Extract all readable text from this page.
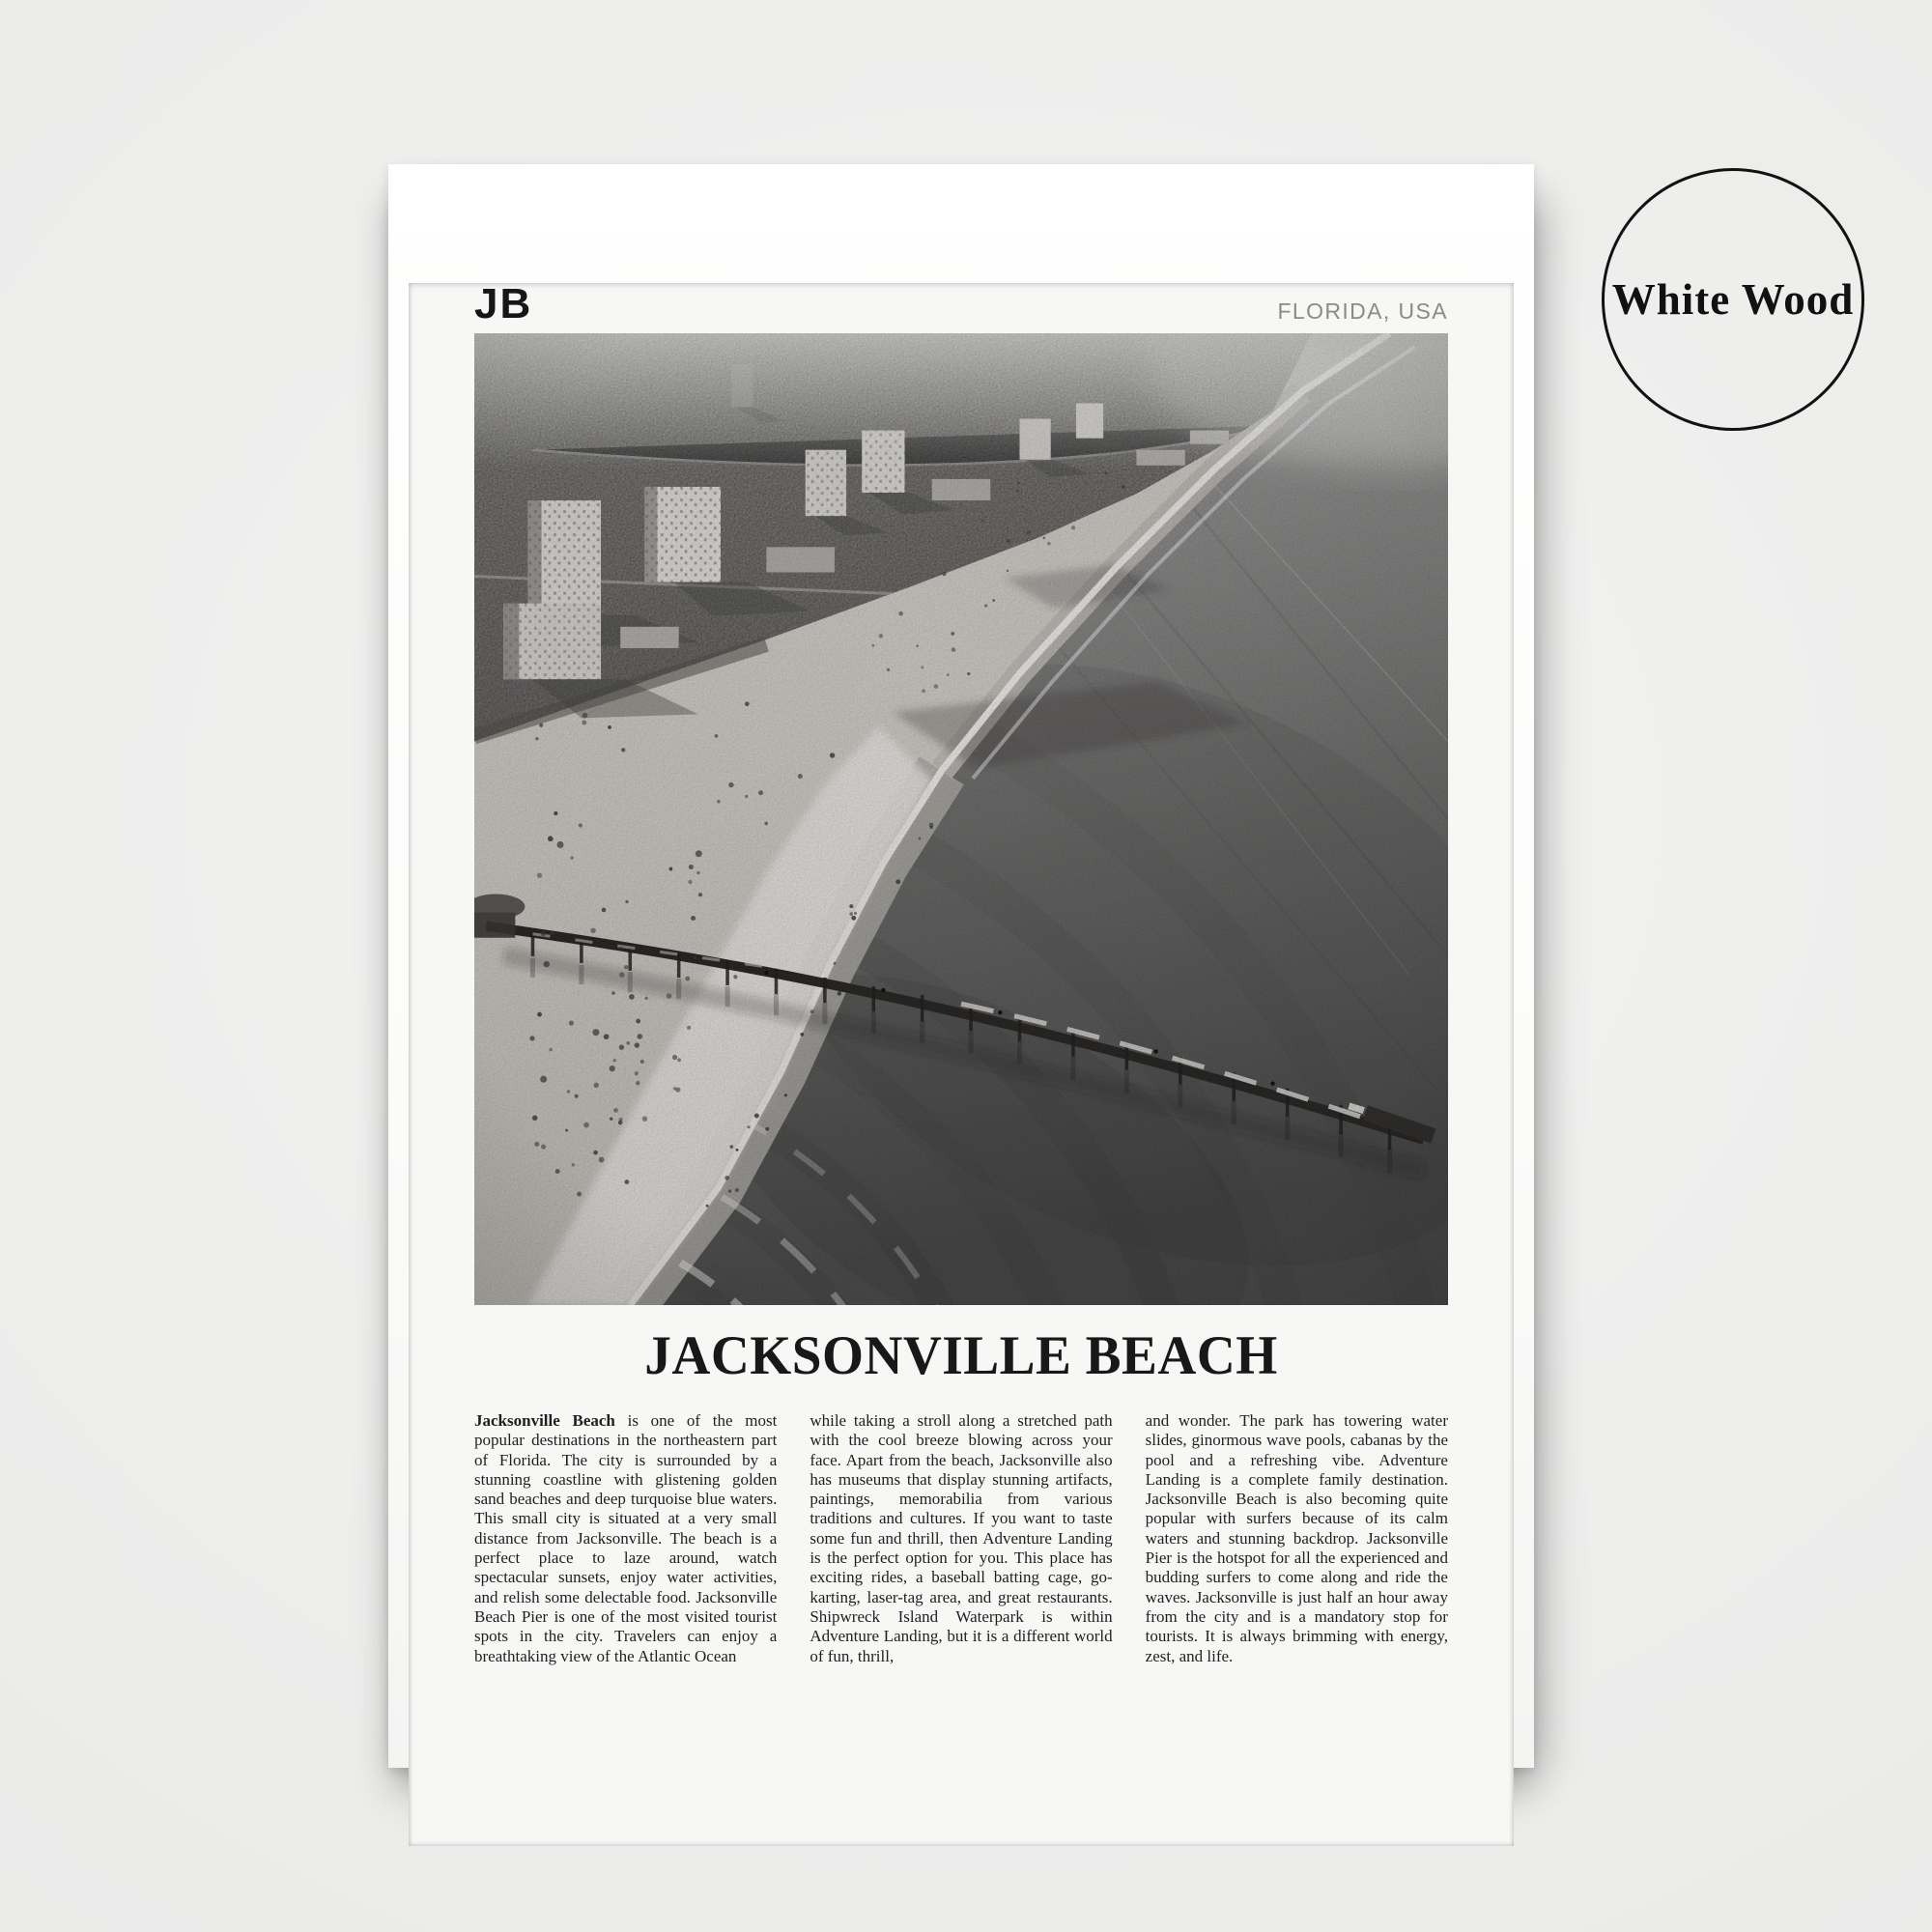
JB	FLORIDA, USA
JACKSONVILLE BEACH

Jacksonville Beach is one of the most popular destinations in the northeastern part of Florida. The city is surrounded by a stunning coastline with glistening golden sand beaches and deep turquoise blue waters. This small city is situated at a very small distance from Jacksonville. The beach is a perfect place to laze around, watch spectacular sunsets, enjoy water activities, and relish some delectable food. Jacksonville Beach Pier is one of the most visited tourist spots in the city. Travelers can enjoy a breathtaking view of the Atlantic Ocean

while taking a stroll along a stretched path with the cool breeze blowing across your face. Apart from the beach, Jacksonville also has museums that display stunning artifacts, paintings, memorabilia from various traditions and cultures. If you want to taste some fun and thrill, then Adventure Landing is the perfect option for you. This place has exciting rides, a baseball batting cage, go-karting, laser-tag area, and great restaurants. Shipwreck Island Waterpark is within Adventure Landing, but it is a different world of fun, thrill,

and wonder. The park has towering water slides, ginormous wave pools, cabanas by the pool and a refreshing vibe. Adventure Landing is a complete family destination. Jacksonville Beach is also becoming quite popular with surfers because of its calm waters and stunning backdrop. Jacksonville Pier is the hotspot for all the experienced and budding surfers to come along and ride the waves. Jacksonville is just half an hour away from the city and is a mandatory stop for tourists. It is always brimming with energy, zest, and life.

White Wood
